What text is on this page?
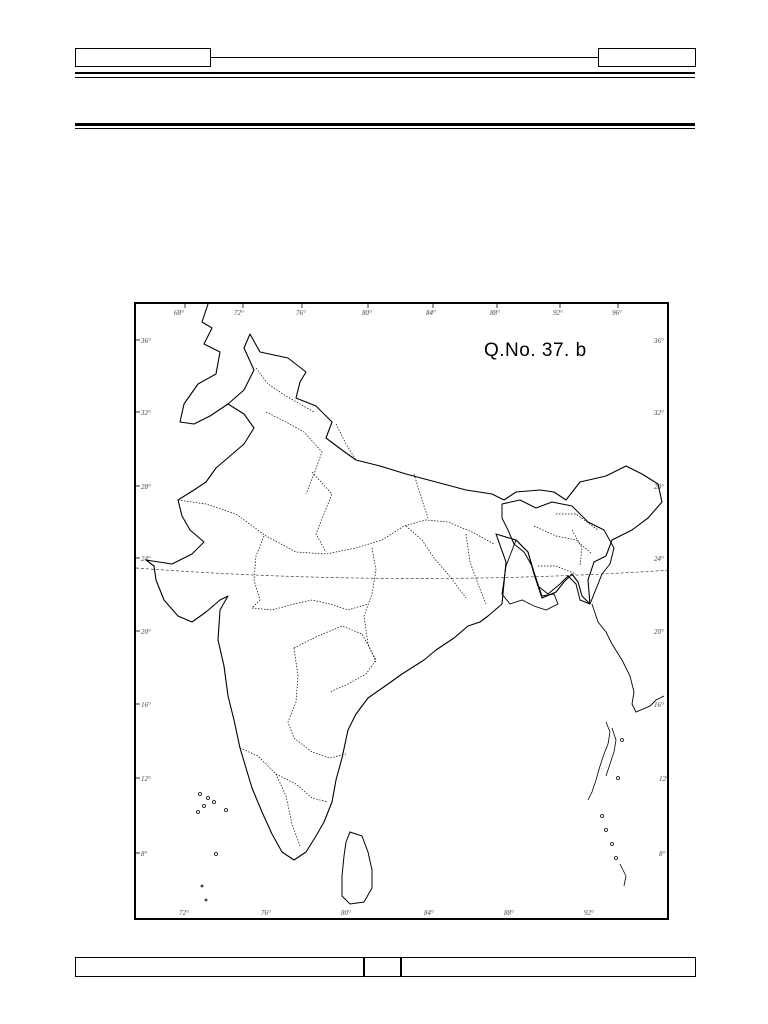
68°	72°	76°	80°	84°	88°	92°	96°
72°	76°	80°	84°	88°	92°
36°
32°
28°
24°
20°
16°
12°
8°
36°
32°
28°
24°
20°
16°
12°
8°
Q.No. 37. b
